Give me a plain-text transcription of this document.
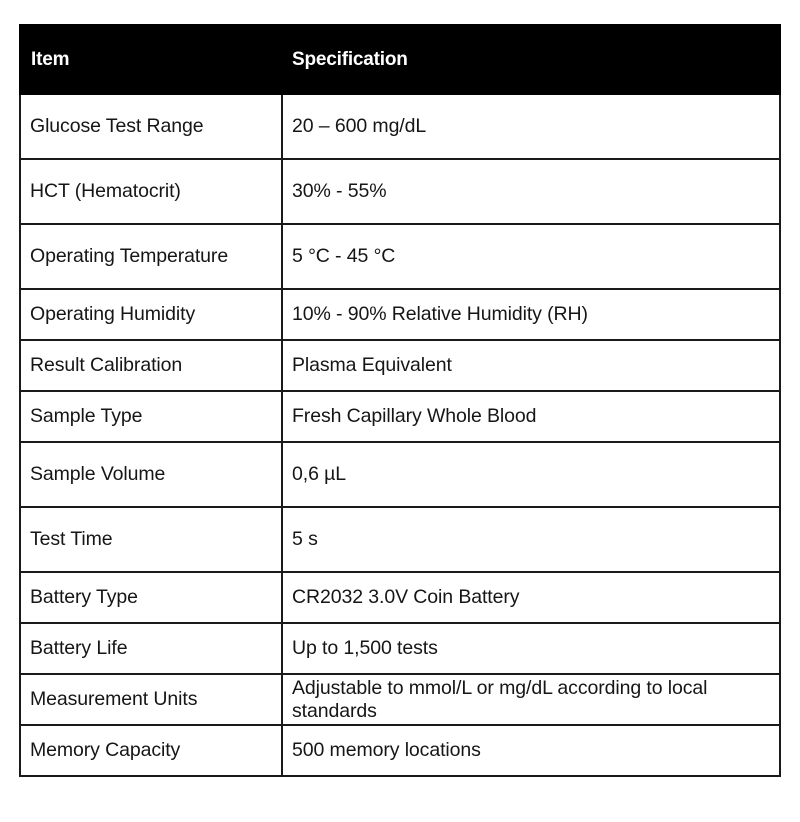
Item	Specification
Glucose Test Range	20 – 600 mg/dL
HCT (Hematocrit)	30% - 55%
Operating Temperature	5 °C - 45 °C
Operating Humidity	10% - 90% Relative Humidity (RH)
Result Calibration	Plasma Equivalent
Sample Type	Fresh Capillary Whole Blood
Sample Volume	0,6 µL
Test Time	5 s
Battery Type	CR2032 3.0V Coin Battery
Battery Life	Up to 1,500 tests
Measurement Units	Adjustable to mmol/L or mg/dL according to local standards
Memory Capacity	500 memory locations
